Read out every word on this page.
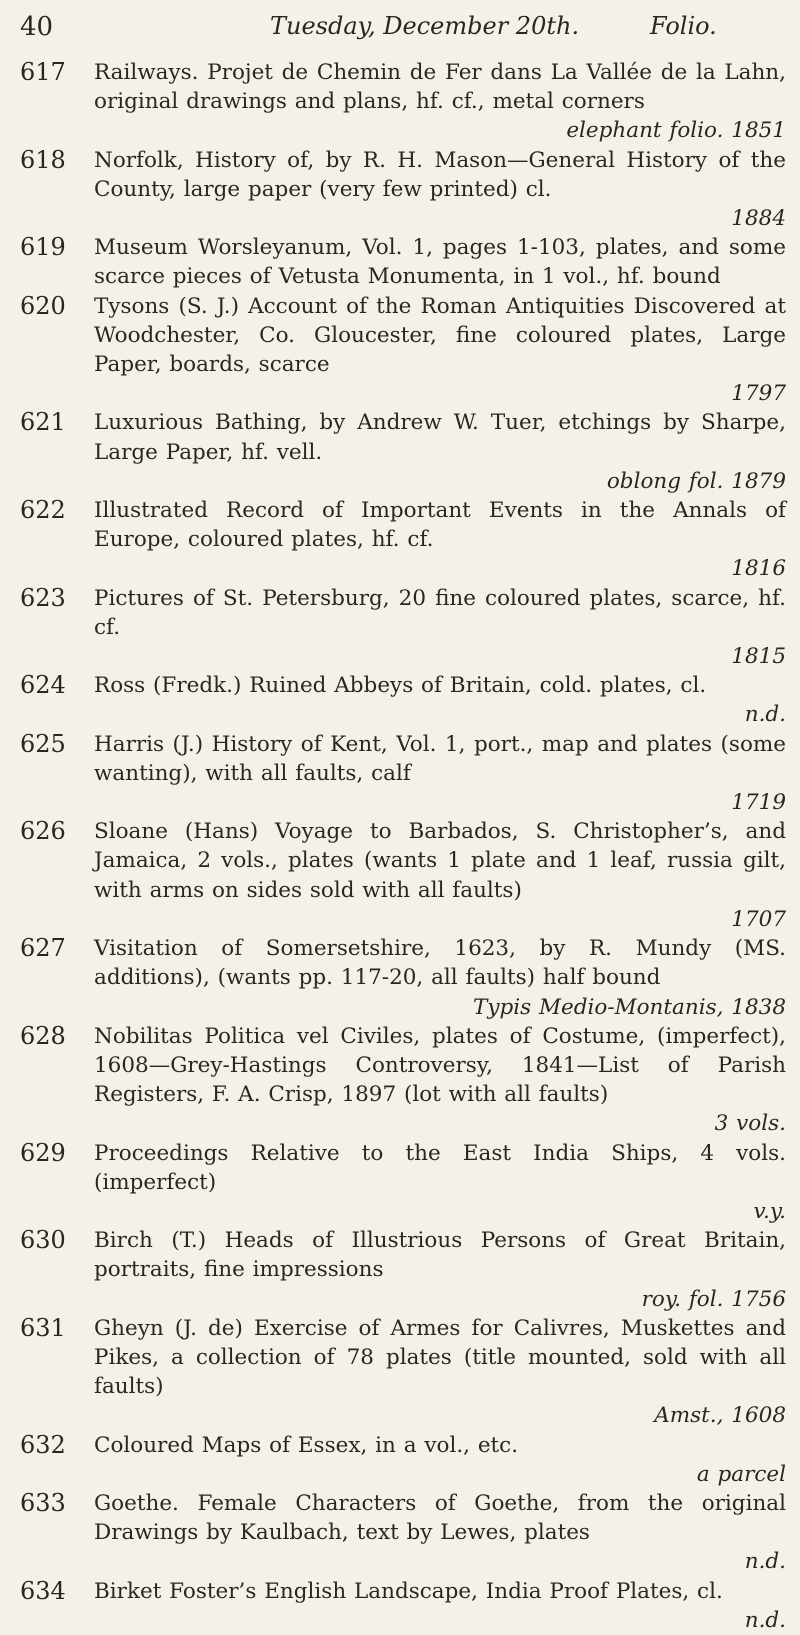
40	Tuesday, December 20th.	Folio.
617	Railways. Projet de Chemin de Fer dans La Vallée de la Lahn, original drawings and plans, hf. cf., metal corners
elephant folio. 1851
618	Norfolk, History of, by R. H. Mason—General History of the County, large paper (very few printed) cl.
1884
619	Museum Worsleyanum, Vol. 1, pages 1-103, plates, and some scarce pieces of Vetusta Monumenta, in 1 vol., hf. bound
620	Tysons (S. J.) Account of the Roman Antiquities Discovered at Woodchester, Co. Gloucester, fine coloured plates, Large Paper, boards, scarce
1797
621	Luxurious Bathing, by Andrew W. Tuer, etchings by Sharpe, Large Paper, hf. vell.
oblong fol. 1879
622	Illustrated Record of Important Events in the Annals of Europe, coloured plates, hf. cf.
1816
623	Pictures of St. Petersburg, 20 fine coloured plates, scarce, hf. cf.
1815
624	Ross (Fredk.) Ruined Abbeys of Britain, cold. plates, cl.
n.d.
625	Harris (J.) History of Kent, Vol. 1, port., map and plates (some wanting), with all faults, calf
1719
626	Sloane (Hans) Voyage to Barbados, S. Christopher’s, and Jamaica, 2 vols., plates (wants 1 plate and 1 leaf, russia gilt, with arms on sides sold with all faults)
1707
627	Visitation of Somersetshire, 1623, by R. Mundy (MS. additions), (wants pp. 117-20, all faults) half bound
Typis Medio-Montanis, 1838
628	Nobilitas Politica vel Civiles, plates of Costume, (imperfect), 1608—Grey-Hastings Controversy, 1841—List of Parish Registers, F. A. Crisp, 1897 (lot with all faults)
3 vols.
629	Proceedings Relative to the East India Ships, 4 vols. (imperfect)
v.y.
630	Birch (T.) Heads of Illustrious Persons of Great Britain, portraits, fine impressions
roy. fol. 1756
631	Gheyn (J. de) Exercise of Armes for Calivres, Muskettes and Pikes, a collection of 78 plates (title mounted, sold with all faults)
Amst., 1608
632	Coloured Maps of Essex, in a vol., etc.
a parcel
633	Goethe. Female Characters of Goethe, from the original Drawings by Kaulbach, text by Lewes, plates
n.d.
634	Birket Foster’s English Landscape, India Proof Plates, cl.
n.d.
